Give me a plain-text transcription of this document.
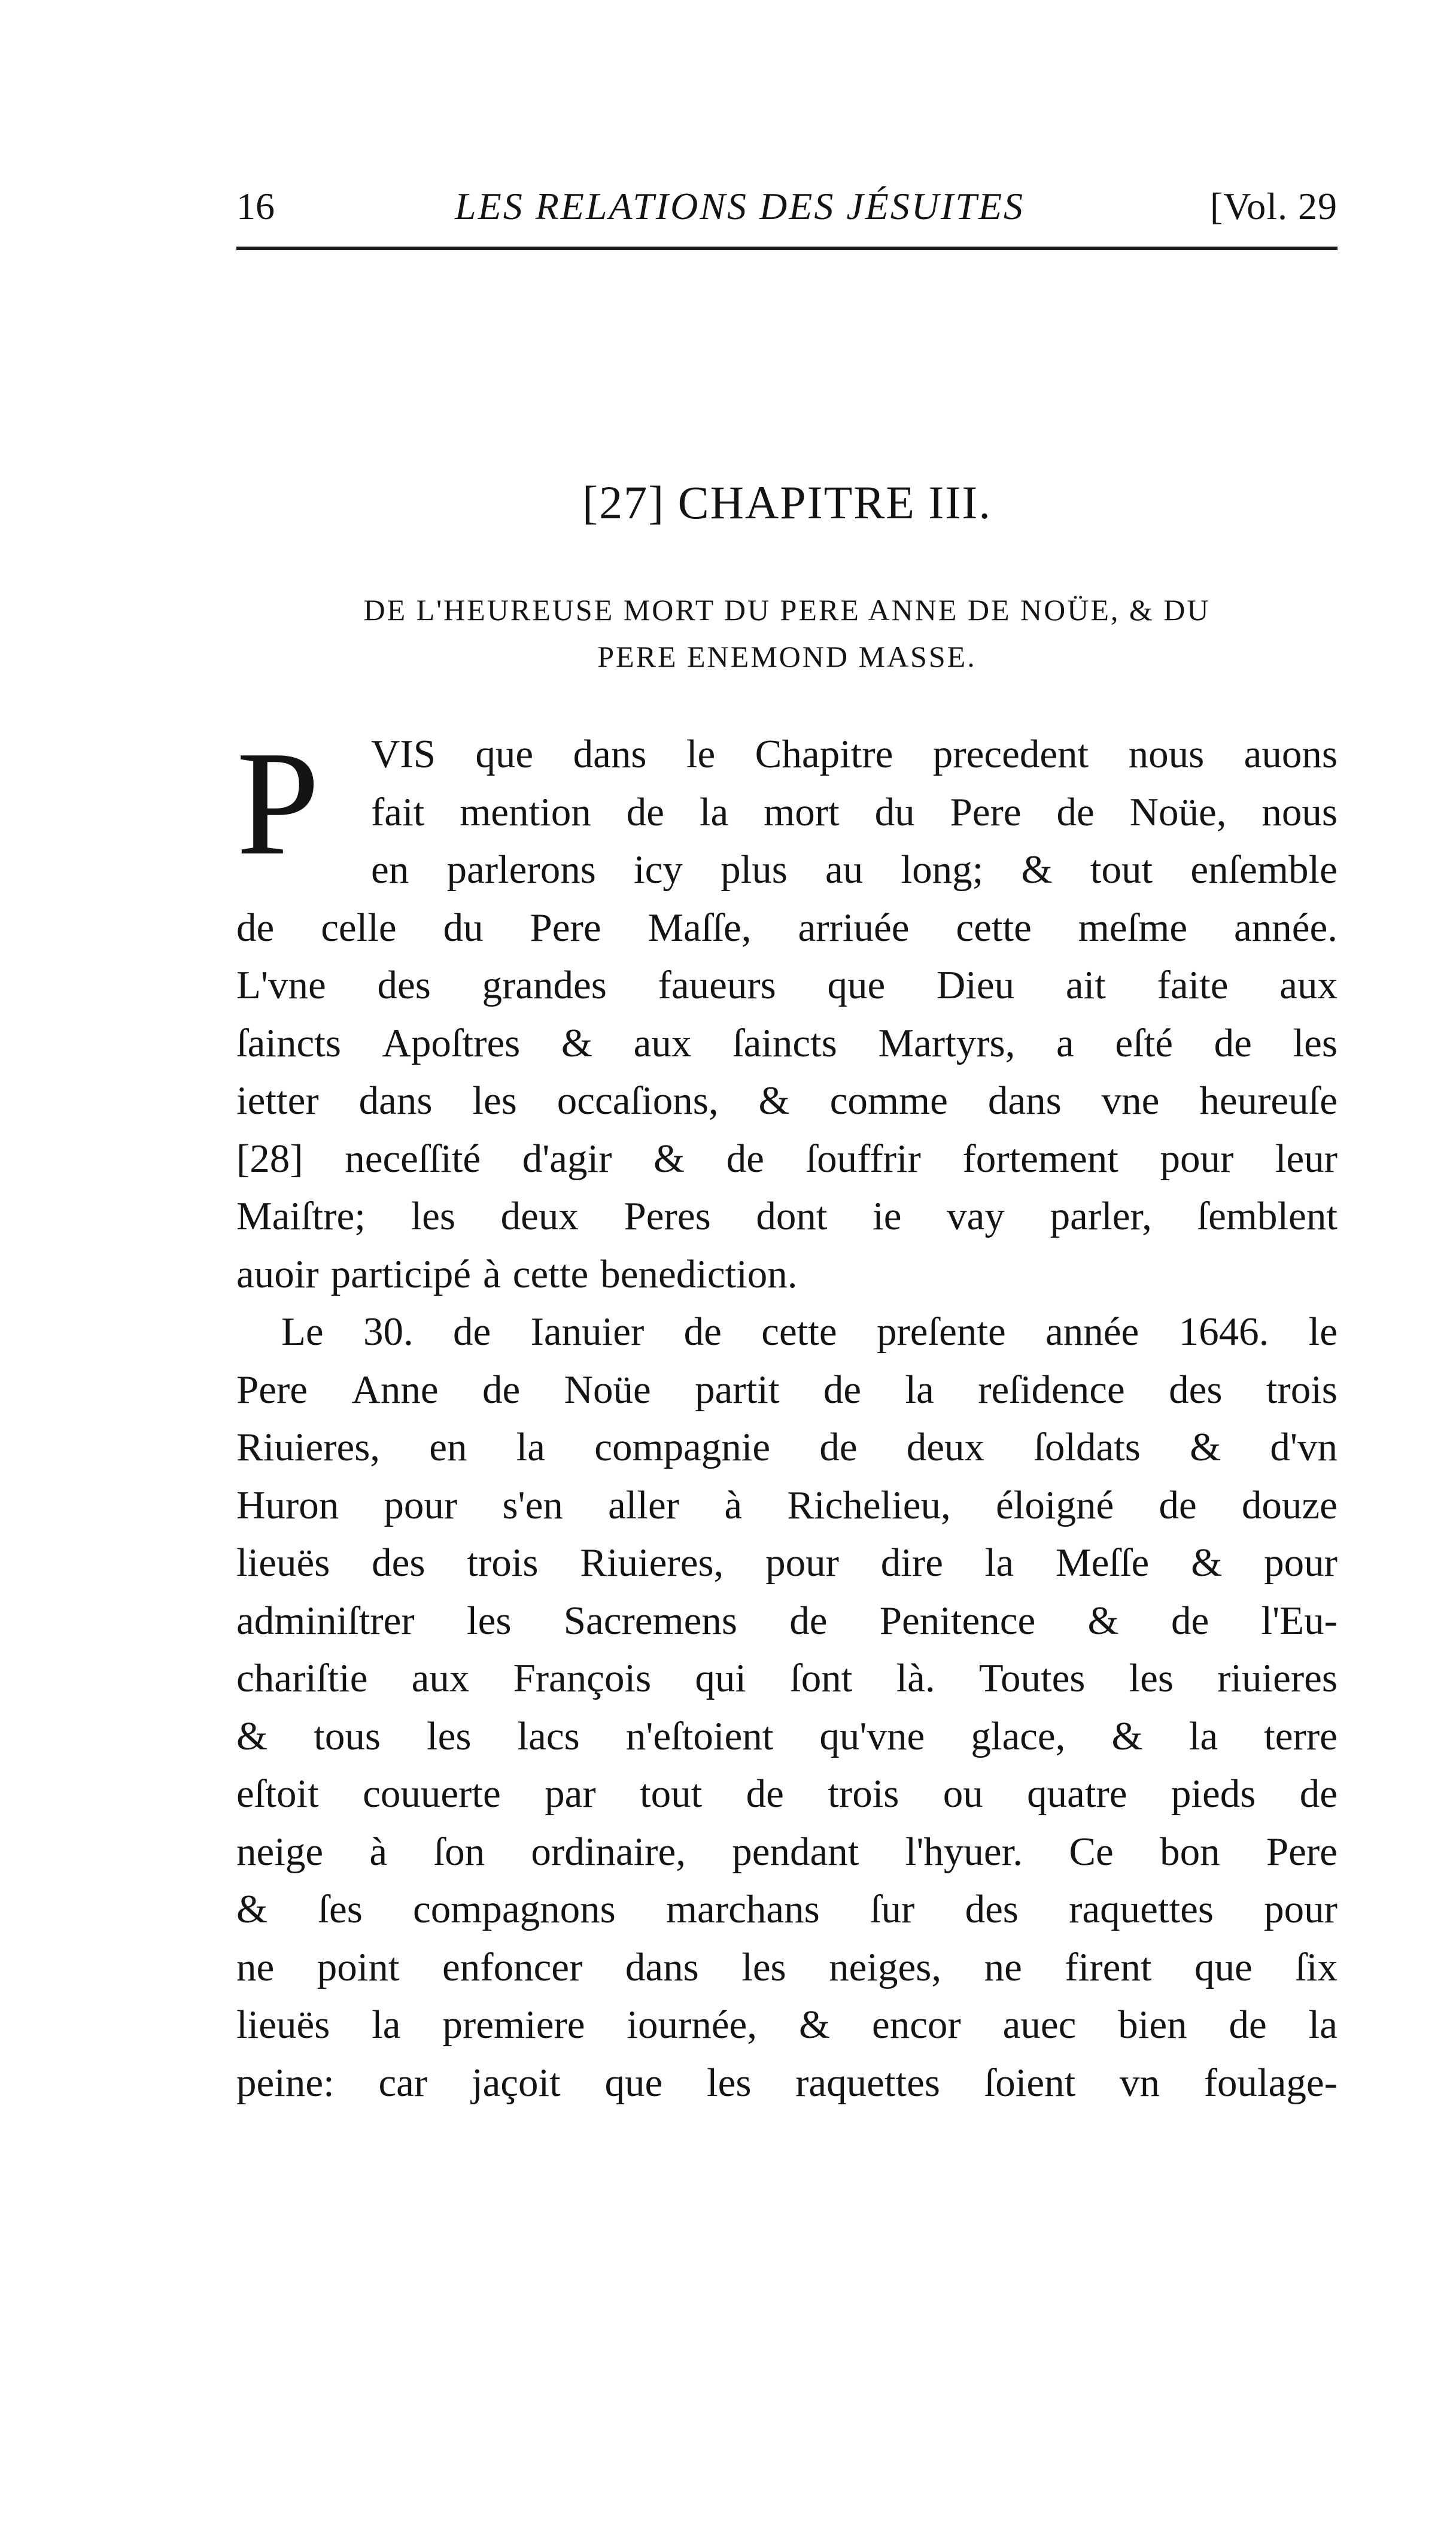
16	LES RELATIONS DES JÉSUITES	[Vol. 29
[27] CHAPITRE III.
DE L'HEUREUSE MORT DU PERE ANNE DE NOÜE, & DU
PERE ENEMOND MASSE.
P VIS que dans le Chapitre precedent nous auons
fait mention de la mort du Pere de Noüe, nous
en parlerons icy plus au long; & tout enſemble
de celle du Pere Maſſe, arriuée cette meſme année.
L'vne des grandes faueurs que Dieu ait faite aux
ſaincts Apoſtres & aux ſaincts Martyrs, a eſté de les
ietter dans les occaſions, & comme dans vne heureuſe
[28] neceſſité d'agir & de ſouffrir fortement pour leur
Maiſtre; les deux Peres dont ie vay parler, ſemblent
auoir participé à cette benediction.
Le 30. de Ianuier de cette preſente année 1646. le
Pere Anne de Noüe partit de la reſidence des trois
Riuieres, en la compagnie de deux ſoldats & d'vn
Huron pour s'en aller à Richelieu, éloigné de douze
lieuës des trois Riuieres, pour dire la Meſſe & pour
adminiſtrer les Sacremens de Penitence & de l'Eu-
chariſtie aux François qui ſont là. Toutes les riuieres
& tous les lacs n'eſtoient qu'vne glace, & la terre
eſtoit couuerte par tout de trois ou quatre pieds de
neige à ſon ordinaire, pendant l'hyuer. Ce bon Pere
& ſes compagnons marchans ſur des raquettes pour
ne point enfoncer dans les neiges, ne firent que ſix
lieuës la premiere iournée, & encor auec bien de la
peine: car jaçoit que les raquettes ſoient vn foulage-
